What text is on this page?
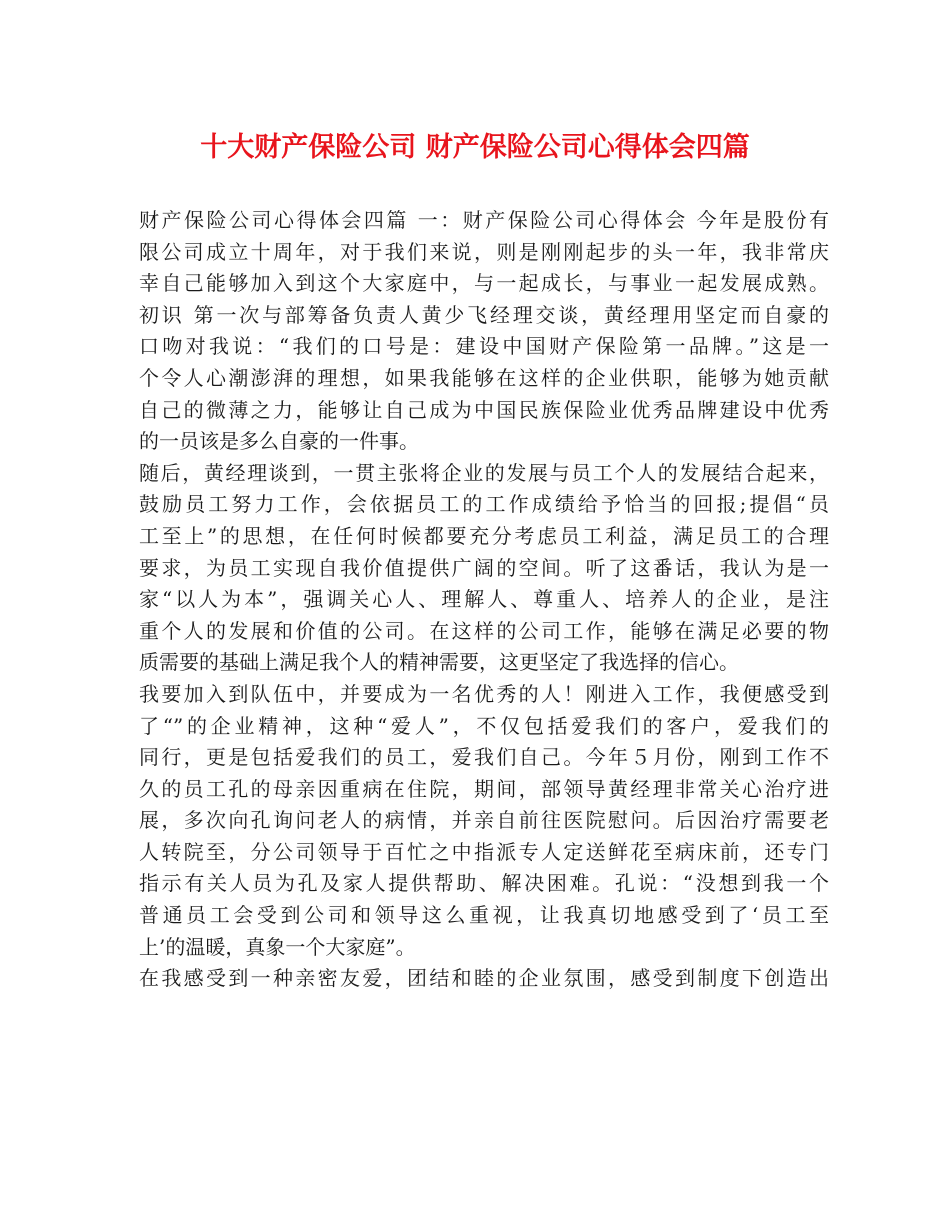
十大财产保险公司 财产保险公司心得体会四篇
财产保险公司心得体会四篇 一：财产保险公司心得体会 今年是股份有
限公司成立十周年，对于我们来说，则是刚刚起步的头一年，我非常庆
幸自己能够加入到这个大家庭中，与一起成长，与事业一起发展成熟。
初识 第一次与部筹备负责人黄少飞经理交谈，黄经理用坚定而自豪的
口吻对我说：“我们的口号是：建设中国财产保险第一品牌。”这是一
个令人心潮澎湃的理想，如果我能够在这样的企业供职，能够为她贡献
自己的微薄之力，能够让自己成为中国民族保险业优秀品牌建设中优秀
的一员该是多么自豪的一件事。
随后，黄经理谈到，一贯主张将企业的发展与员工个人的发展结合起来，
鼓励员工努力工作，会依据员工的工作成绩给予恰当的回报;提倡“员
工至上”的思想，在任何时候都要充分考虑员工利益，满足员工的合理
要求，为员工实现自我价值提供广阔的空间。听了这番话，我认为是一
家“以人为本”，强调关心人、理解人、尊重人、培养人的企业，是注
重个人的发展和价值的公司。在这样的公司工作，能够在满足必要的物
质需要的基础上满足我个人的精神需要，这更坚定了我选择的信心。
我要加入到队伍中，并要成为一名优秀的人！刚进入工作，我便感受到
了“”的企业精神，这种“爱人”，不仅包括爱我们的客户，爱我们的
同行，更是包括爱我们的员工，爱我们自己。今年５月份，刚到工作不
久的员工孔的母亲因重病在住院，期间，部领导黄经理非常关心治疗进
展，多次向孔询问老人的病情，并亲自前往医院慰问。后因治疗需要老
人转院至，分公司领导于百忙之中指派专人定送鲜花至病床前，还专门
指示有关人员为孔及家人提供帮助、解决困难。孔说：“没想到我一个
普通员工会受到公司和领导这么重视，让我真切地感受到了‘员工至
上’的温暖，真象一个大家庭”。
在我感受到一种亲密友爱，团结和睦的企业氛围，感受到制度下创造出
